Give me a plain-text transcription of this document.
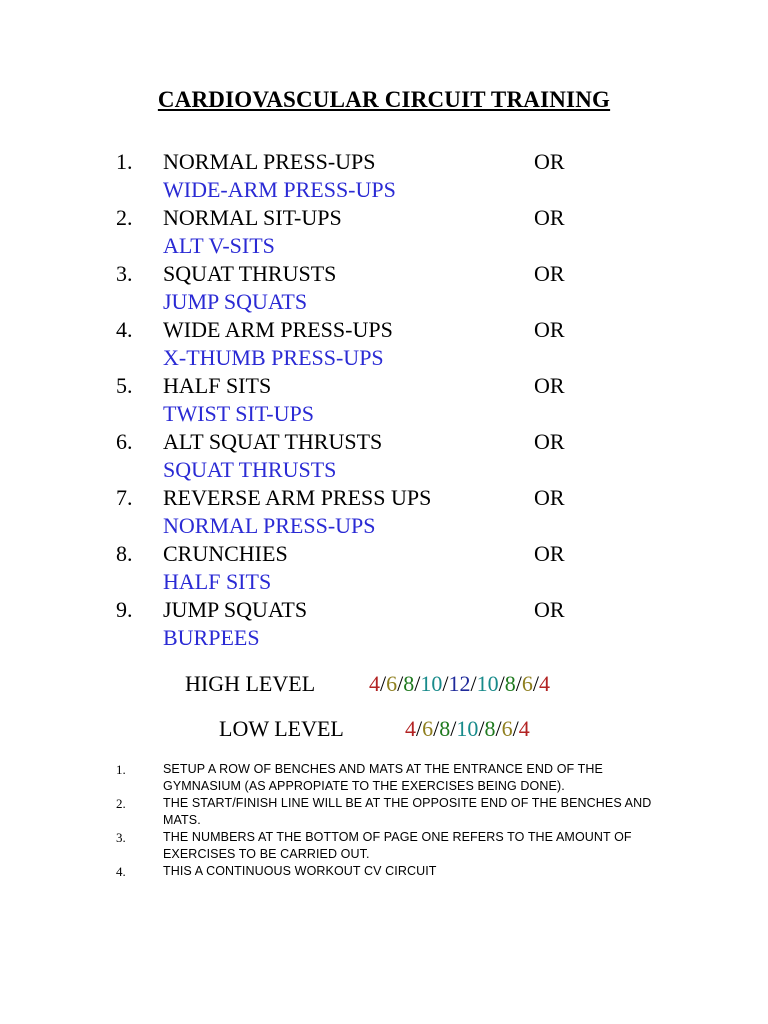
CARDIOVASCULAR CIRCUIT TRAINING
1. NORMAL PRESS-UPS	OR
WIDE-ARM PRESS-UPS
2. NORMAL SIT-UPS	OR
ALT V-SITS
3. SQUAT THRUSTS	OR
JUMP SQUATS
4. WIDE ARM PRESS-UPS	OR
X-THUMB PRESS-UPS
5. HALF SITS	OR
TWIST SIT-UPS
6. ALT SQUAT THRUSTS	OR
SQUAT THRUSTS
7. REVERSE ARM PRESS UPS	OR
NORMAL PRESS-UPS
8. CRUNCHIES	OR
HALF SITS
9. JUMP SQUATS	OR
BURPEES
HIGH LEVEL 4/6/8/10/12/10/8/6/4
LOW LEVEL	4/6/8/10/8/6/4
1.	SETUP A ROW OF BENCHES AND MATS AT THE ENTRANCE END OF THE GYMNASIUM (AS APPROPIATE TO THE EXERCISES BEING DONE).
2.	THE START/FINISH LINE WILL BE AT THE OPPOSITE END OF THE BENCHES AND MATS.
3.	THE NUMBERS AT THE BOTTOM OF PAGE ONE REFERS TO THE AMOUNT OF EXERCISES TO BE CARRIED OUT.
4.	THIS A CONTINUOUS WORKOUT CV CIRCUIT
